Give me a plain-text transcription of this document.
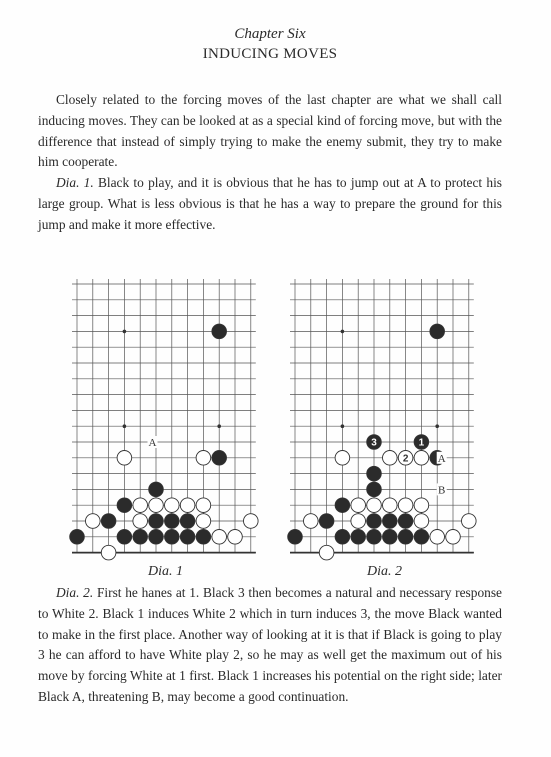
Chapter Six
INDUCING MOVES

Closely related to the forcing moves of the last chapter are what we shall call inducing moves. They can be looked at as a special kind of forcing move, but with the difference that instead of simply trying to make the enemy submit, they try to make him cooperate.

Dia. 1. Black to play, and it is obvious that he has to jump out at A to protect his large group. What is less obvious is that he has a way to prepare the ground for this jump and make it more effective.

A	3	1
2	A
B
Dia. 1	Dia. 2

Dia. 2. First he hanes at 1. Black 3 then becomes a natural and necessary response to White 2. Black 1 induces White 2 which in turn induces 3, the move Black wanted to make in the first place. Another way of looking at it is that if Black is going to play 3 he can afford to have White play 2, so he may as well get the maximum out of his move by forcing White at 1 first. Black 1 increases his potential on the right side; later Black A, threatening B, may become a good continuation.
